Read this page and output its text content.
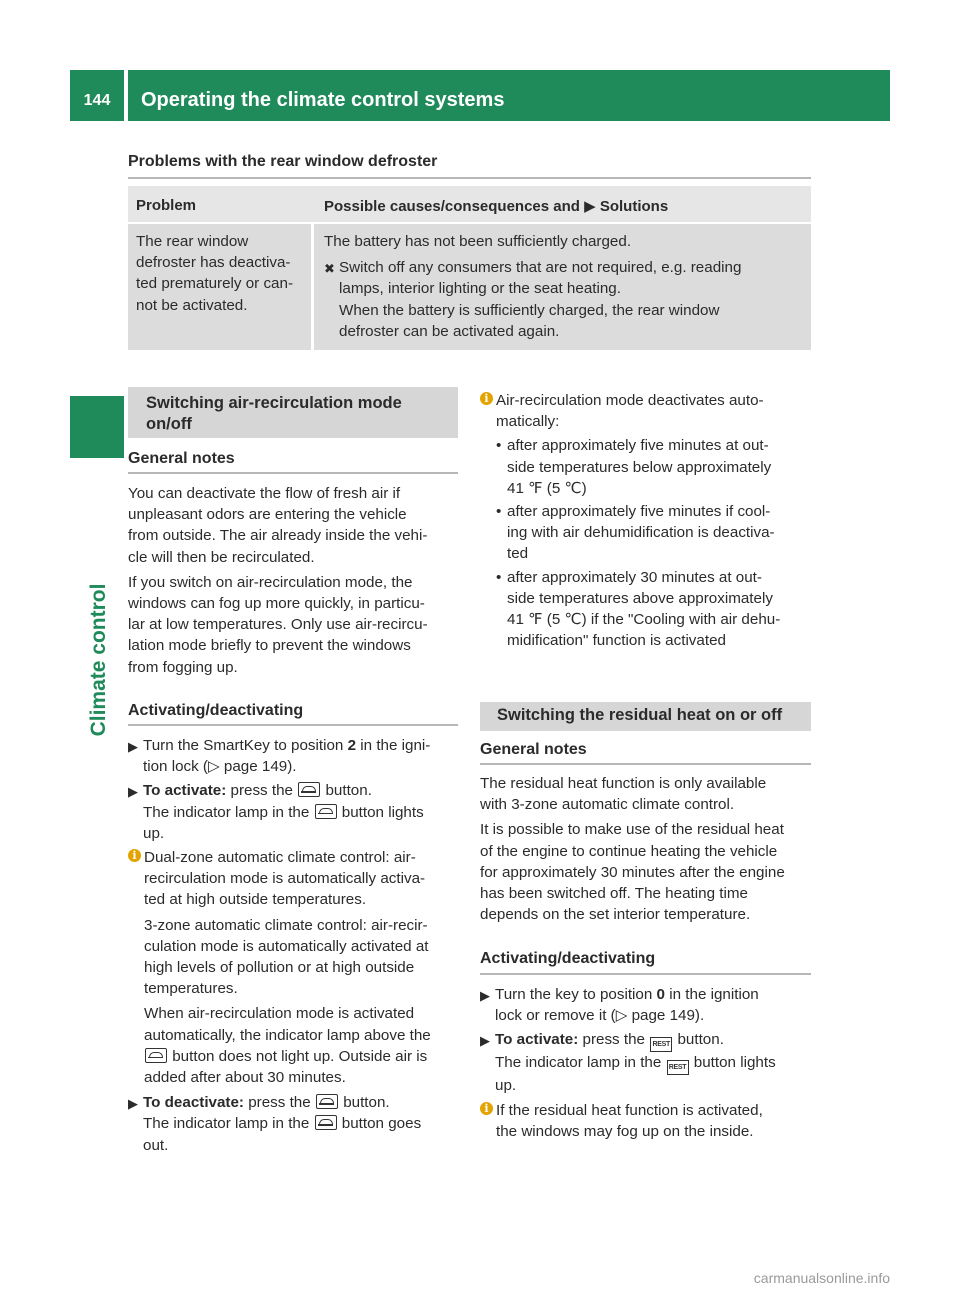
144	Operating the climate control systems
Climate control
Problems with the rear window defroster
Problem	Possible causes/consequences and ▶ Solutions
The rear window
defroster has deactiva-
ted prematurely or can-
not be activated.
The battery has not been sufficiently charged.
✖ Switch off any consumers that are not required, e.g. reading
lamps, interior lighting or the seat heating.
When the battery is sufficiently charged, the rear window
defroster can be activated again.
Switching air-recirculation mode
on/off
General notes
You can deactivate the flow of fresh air if
unpleasant odors are entering the vehicle
from outside. The air already inside the vehi-
cle will then be recirculated.
If you switch on air-recirculation mode, the
windows can fog up more quickly, in particu-
lar at low temperatures. Only use air-recircu-
lation mode briefly to prevent the windows
from fogging up.
Activating/deactivating
▶ Turn the SmartKey to position 2 in the igni-
tion lock (▷ page 149).
▶ To activate: press the button.
The indicator lamp in the button lights
up.
i Dual-zone automatic climate control: air-
recirculation mode is automatically activa-
ted at high outside temperatures.
3-zone automatic climate control: air-recir-
culation mode is automatically activated at
high levels of pollution or at high outside
temperatures.
When air-recirculation mode is activated
automatically, the indicator lamp above the
button does not light up. Outside air is
added after about 30 minutes.
▶ To deactivate: press the button.
The indicator lamp in the button goes
out.
i Air-recirculation mode deactivates auto-
matically:
• after approximately five minutes at out-
side temperatures below approximately
41 ℉ (5 ℃)
• after approximately five minutes if cool-
ing with air dehumidification is deactiva-
ted
• after approximately 30 minutes at out-
side temperatures above approximately
41 ℉ (5 ℃) if the "Cooling with air dehu-
midification" function is activated
Switching the residual heat on or off
General notes
The residual heat function is only available
with 3-zone automatic climate control.
It is possible to make use of the residual heat
of the engine to continue heating the vehicle
for approximately 30 minutes after the engine
has been switched off. The heating time
depends on the set interior temperature.
Activating/deactivating
▶ Turn the key to position 0 in the ignition
lock or remove it (▷ page 149).
▶ To activate: press the REST button.
The indicator lamp in the REST button lights
up.
i If the residual heat function is activated,
the windows may fog up on the inside.
carmanualsonline.info
